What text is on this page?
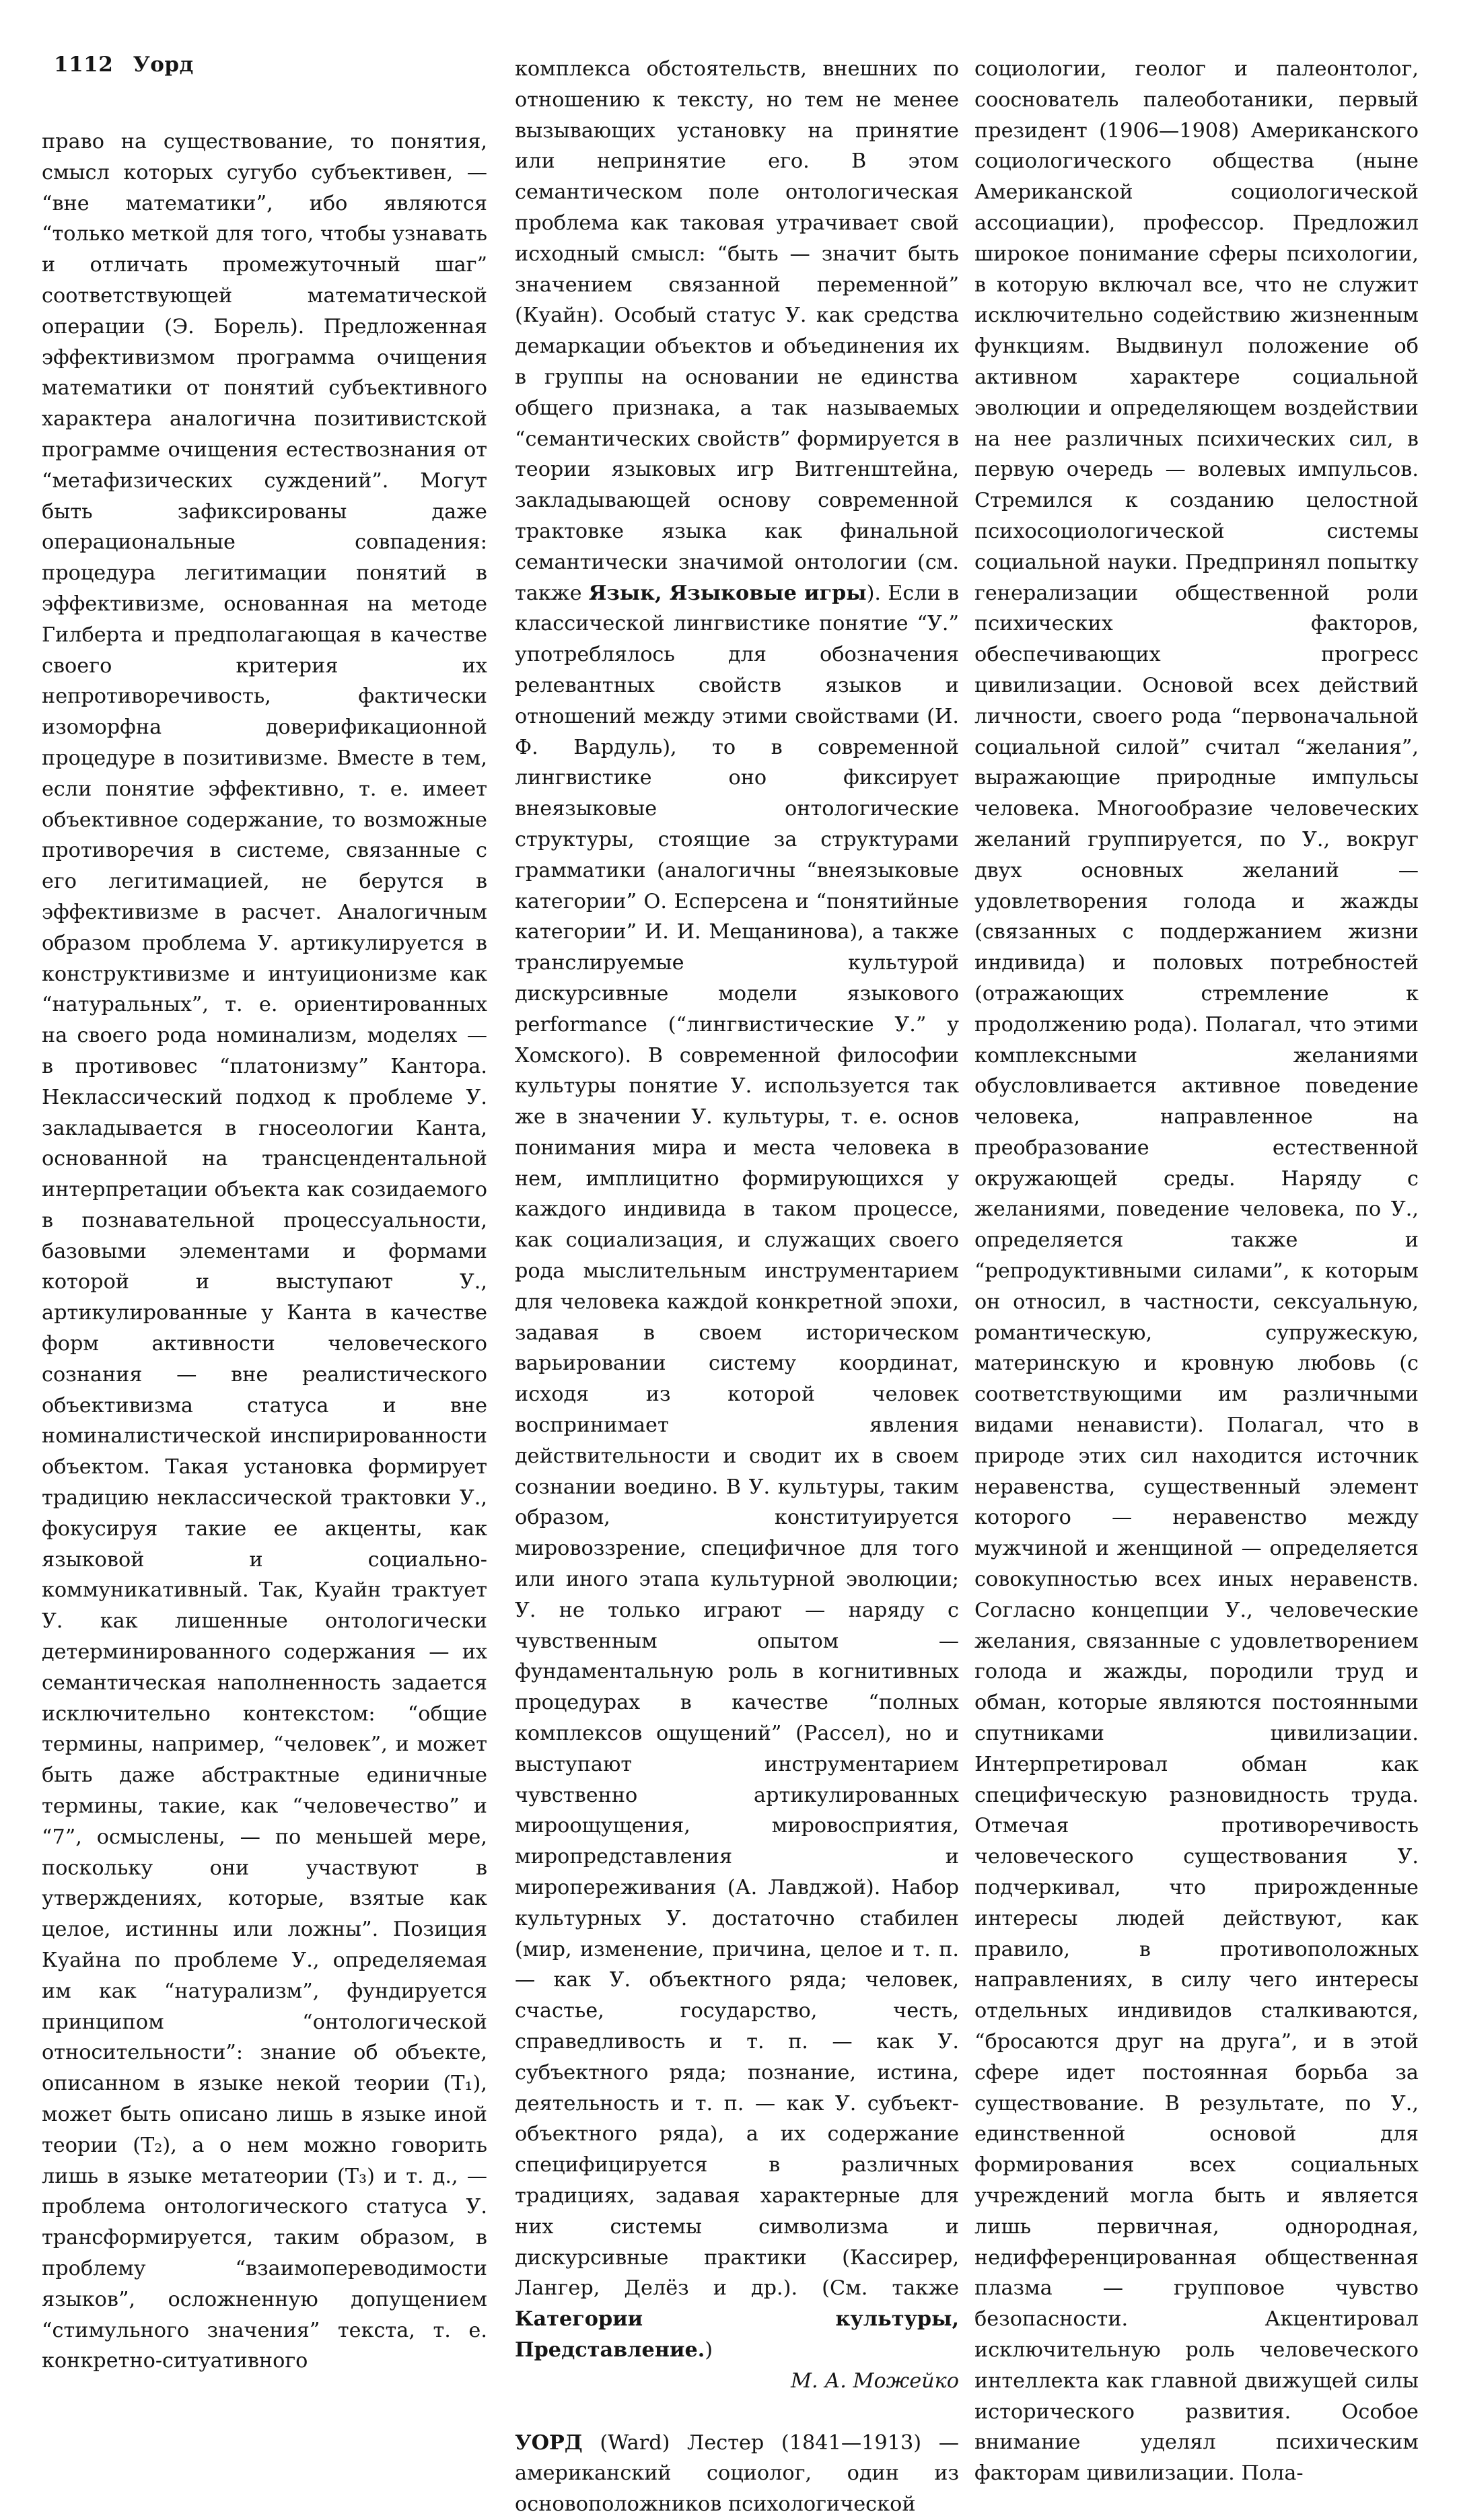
1112 Уорд

право на существование, то понятия, смысл которых сугубо субъективен, — “вне математики”, ибо являются “только меткой для того, чтобы узнавать и отличать промежуточный шаг” соответствующей математической операции (Э. Борель). Предложенная эффективизмом программа очищения математики от понятий субъективного характера аналогична позитивистской программе очищения естествознания от “метафизических суждений”. Могут быть зафиксированы даже операциональные совпадения: процедура легитимации понятий в эффективизме, основанная на методе Гилберта и предполагающая в качестве своего критерия их непротиворечивость, фактически изоморфна доверификационной процедуре в позитивизме. Вместе в тем, если понятие эффективно, т. е. имеет объективное содержание, то возможные противоречия в системе, связанные с его легитимацией, не берутся в эффективизме в расчет. Аналогичным образом проблема У. артикулируется в конструктивизме и интуиционизме как “натуральных”, т. е. ориентированных на своего рода номинализм, моделях — в противовес “платонизму” Кантора. Неклассический подход к проблеме У. закладывается в гносеологии Канта, основанной на трансцендентальной интерпретации объекта как созидаемого в познавательной процессуальности, базовыми элементами и формами которой и выступают У., артикулированные у Канта в качестве форм активности человеческого сознания — вне реалистического объективизма статуса и вне номиналистической инспирированности объектом. Такая установка формирует традицию неклассической трактовки У., фокусируя такие ее акценты, как языковой и социально-коммуникативный. Так, Куайн трактует У. как лишенные онтологически детерминированного содержания — их семантическая наполненность задается исключительно контекстом: “общие термины, например, “человек”, и может быть даже абстрактные единичные термины, такие, как “человечество” и “7”, осмыслены, — по меньшей мере, поскольку они участвуют в утверждениях, которые, взятые как целое, истинны или ложны”. Позиция Куайна по проблеме У., определяемая им как “натурализм”, фундируется принципом “онтологической относительности”: знание об объекте, описанном в языке некой теории (T₁), может быть описано лишь в языке иной теории (T₂), а о нем можно говорить лишь в языке метатеории (T₃) и т. д., — проблема онтологического статуса У. трансформируется, таким образом, в проблему “взаимопереводимости языков”, осложненную допущением “стимульного значения” текста, т. е. конкретно-ситуативного

комплекса обстоятельств, внешних по отношению к тексту, но тем не менее вызывающих установку на принятие или непринятие его. В этом семантическом поле онтологическая проблема как таковая утрачивает свой исходный смысл: “быть — значит быть значением связанной переменной” (Куайн). Особый статус У. как средства демаркации объектов и объединения их в группы на основании не единства общего признака, а так называемых “семантических свойств” формируется в теории языковых игр Витгенштейна, закладывающей основу современной трактовке языка как финальной семантически значимой онтологии (см. также Язык, Языковые игры). Если в классической лингвистике понятие “У.” употреблялось для обозначения релевантных свойств языков и отношений между этими свойствами (И. Ф. Вардуль), то в современной лингвистике оно фиксирует внеязыковые онтологические структуры, стоящие за структурами грамматики (аналогичны “внеязыковые категории” О. Есперсена и “понятийные категории” И. И. Мещанинова), а также транслируемые культурой дискурсивные модели языкового performance (“лингвистические У.” у Хомского). В современной философии культуры понятие У. используется так же в значении У. культуры, т. е. основ понимания мира и места человека в нем, имплицитно формирующихся у каждого индивида в таком процессе, как социализация, и служащих своего рода мыслительным инструментарием для человека каждой конкретной эпохи, задавая в своем историческом варьировании систему координат, исходя из которой человек воспринимает явления действительности и сводит их в своем сознании воедино. В У. культуры, таким образом, конституируется мировоззрение, специфичное для того или иного этапа культурной эволюции; У. не только играют — наряду с чувственным опытом — фундаментальную роль в когнитивных процедурах в качестве “полных комплексов ощущений” (Рассел), но и выступают инструментарием чувственно артикулированных мироощущения, мировосприятия, миропредставления и миропереживания (А. Лавджой). Набор культурных У. достаточно стабилен (мир, изменение, причина, целое и т. п. — как У. объектного ряда; человек, счастье, государство, честь, справедливость и т. п. — как У. субъектного ряда; познание, истина, деятельность и т. п. — как У. субъект-объектного ряда), а их содержание специфицируется в различных традициях, задавая характерные для них системы символизма и дискурсивные практики (Кассирер, Лангер, Делёз и др.). (См. также Категории культуры, Представление.)

М. А. Можейко

УОРД (Ward) Лестер (1841—1913) — американский социолог, один из основоположников психологической

социологии, геолог и палеонтолог, сооснователь палеоботаники, первый президент (1906—1908) Американского социологического общества (ныне Американской социологической ассоциации), профессор. Предложил широкое понимание сферы психологии, в которую включал все, что не служит исключительно содействию жизненным функциям. Выдвинул положение об активном характере социальной эволюции и определяющем воздействии на нее различных психических сил, в первую очередь — волевых импульсов. Стремился к созданию целостной психосоциологической системы социальной науки. Предпринял попытку генерализации общественной роли психических факторов, обеспечивающих прогресс цивилизации. Основой всех действий личности, своего рода “первоначальной социальной силой” считал “желания”, выражающие природные импульсы человека. Многообразие человеческих желаний группируется, по У., вокруг двух основных желаний — удовлетворения голода и жажды (связанных с поддержанием жизни индивида) и половых потребностей (отражающих стремление к продолжению рода). Полагал, что этими комплексными желаниями обусловливается активное поведение человека, направленное на преобразование естественной окружающей среды. Наряду с желаниями, поведение человека, по У., определяется также и “репродуктивными силами”, к которым он относил, в частности, сексуальную, романтическую, супружескую, материнскую и кровную любовь (с соответствующими им различными видами ненависти). Полагал, что в природе этих сил находится источник неравенства, существенный элемент которого — неравенство между мужчиной и женщиной — определяется совокупностью всех иных неравенств. Согласно концепции У., человеческие желания, связанные с удовлетворением голода и жажды, породили труд и обман, которые являются постоянными спутниками цивилизации. Интерпретировал обман как специфическую разновидность труда. Отмечая противоречивость человеческого существования У. подчеркивал, что прирожденные интересы людей действуют, как правило, в противоположных направлениях, в силу чего интересы отдельных индивидов сталкиваются, “бросаются друг на друга”, и в этой сфере идет постоянная борьба за существование. В результате, по У., единственной основой для формирования всех социальных учреждений могла быть и является лишь первичная, однородная, недифференцированная общественная плазма — групповое чувство безопасности. Акцентировал исключительную роль человеческого интеллекта как главной движущей силы исторического развития. Особое внимание уделял психическим факторам цивилизации. Пола-
